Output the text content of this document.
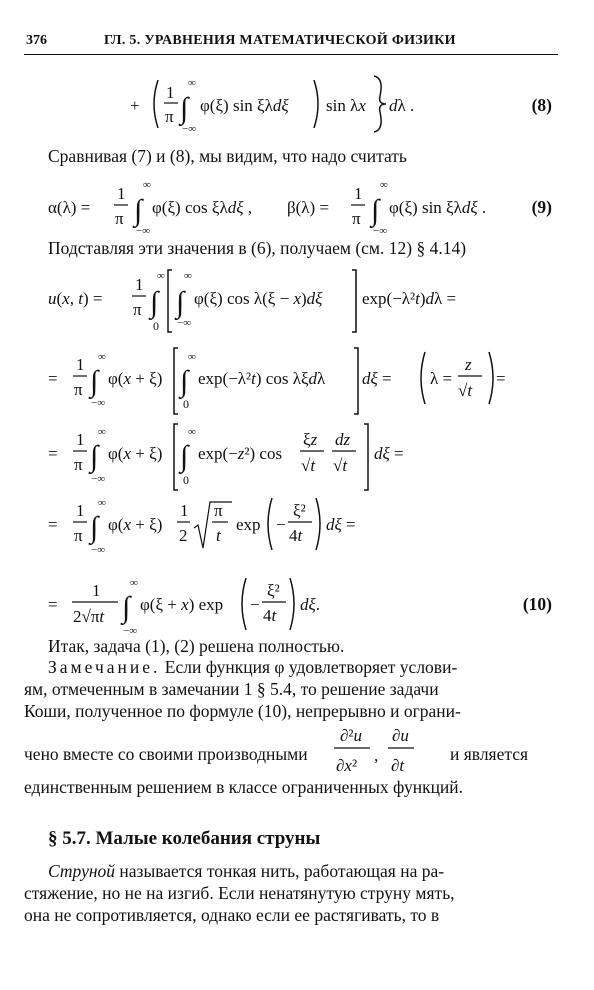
376	ГЛ. 5. УРАВНЕНИЯ МАТЕМАТИЧЕСКОЙ ФИЗИКИ
+
1
π ∫
∞
−∞
φ(ξ) sin ξλdξ sin λx dλ .	(8)
Сравнивая (7) и (8), мы видим, что надо считать
α(λ) =
1
π ∫
∞
−∞
φ(ξ) cos ξλdξ , β(λ) =
1
π ∫
∞
−∞
φ(ξ) sin ξλdξ .	(9)
Подставляя эти значения в (6), получаем (см. 12) § 4.14)
u(x, t) =
1
π ∫
∞
0
∫
∞
−∞
φ(ξ) cos λ(ξ − x)dξ exp(−λ²t)dλ =
=
1
π ∫
∞
−∞
φ(x + ξ) ∫
∞
0
exp(−λ²t) cos λξdλ dξ = λ =
z
√t
=
=
1
π ∫
∞
−∞
φ(x + ξ) ∫
∞
0
exp(−z²) cos
ξz
√t
dz
√t
dξ =
=
1
π ∫
∞
−∞
φ(x + ξ)
1
2
π
t
exp −
ξ²
4t
dξ =
=
1
2√πt ∫
∞
−∞
φ(ξ + x) exp −
ξ²
4t
dξ.	(10)
Итак, задача (1), (2) решена полностью.
Замечание. Если функция φ удовлетворяет услови-
ям, отмеченным в замечании 1 § 5.4, то решение задачи
Коши, полученное по формуле (10), непрерывно и ограни-
чено вместе со своими производными
∂²u
∂x²
,
∂u
∂t
и является
единственным решением в классе ограниченных функций.
§ 5.7. Малые колебания струны
Струной называется тонкая нить, работающая на ра-
стяжение, но не на изгиб. Если ненатянутую струну мять,
она не сопротивляется, однако если ее растягивать, то в
